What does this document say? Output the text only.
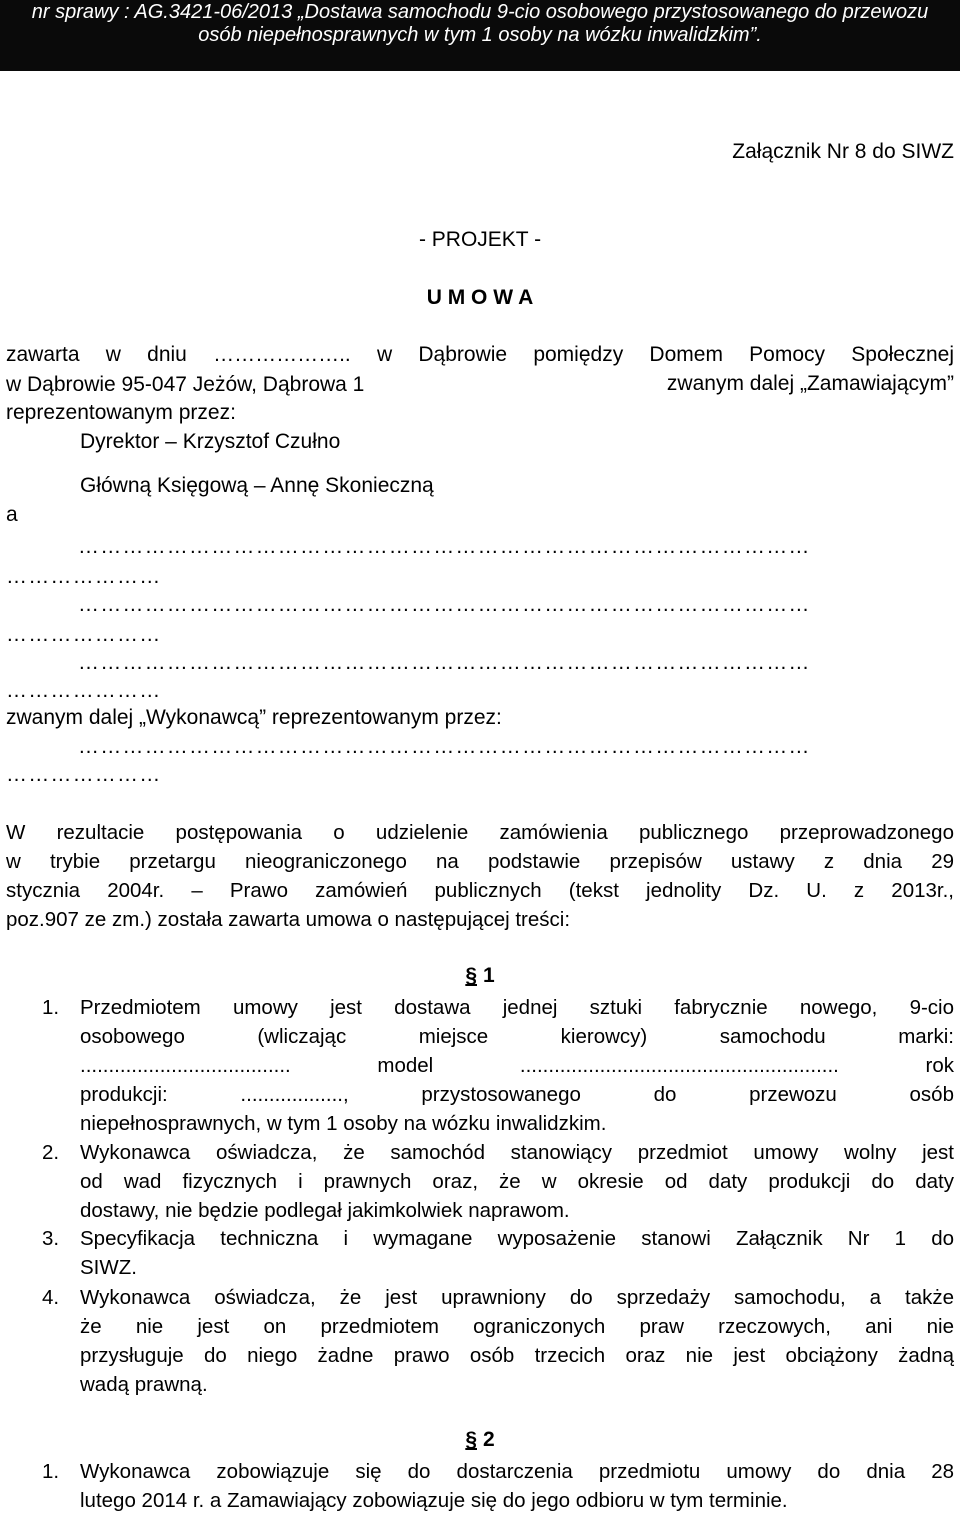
nr sprawy : AG.3421-06/2013 „Dostawa samochodu 9-cio osobowego przystosowanego do przewozu
osób niepełnosprawnych w tym 1 osoby na wózku inwalidzkim”.
Załącznik Nr 8 do SIWZ
- PROJEKT -
U M O W A
zawarta w dniu ……………….. w Dąbrowie pomiędzy Domem Pomocy Społecznej
w Dąbrowie 95-047 Jeżów, Dąbrowa 1	zwanym dalej „Zamawiającym”
reprezentowanym przez:
Dyrektor – Krzysztof Czułno
Główną Księgową – Annę Skonieczną
a
………………………………………………………………………………………
…………………
………………………………………………………………………………………
…………………
………………………………………………………………………………………
…………………
zwanym dalej „Wykonawcą” reprezentowanym przez:
………………………………………………………………………………………
…………………
W rezultacie postępowania o udzielenie zamówienia publicznego przeprowadzonego
w trybie przetargu nieograniczonego na podstawie przepisów ustawy z dnia 29
stycznia 2004r. – Prawo zamówień publicznych (tekst jednolity Dz. U. z 2013r.,
poz.907 ze zm.) została zawarta umowa o następującej treści:
§ 1
1. Przedmiotem umowy jest dostawa jednej sztuki fabrycznie nowego, 9-cio
osobowego (wliczając miejsce kierowcy) samochodu marki:
..................................... model ........................................................ rok
produkcji: .................., przystosowanego do przewozu osób
niepełnosprawnych, w tym 1 osoby na wózku inwalidzkim.
2. Wykonawca oświadcza, że samochód stanowiący przedmiot umowy wolny jest
od wad fizycznych i prawnych oraz, że w okresie od daty produkcji do daty
dostawy, nie będzie podlegał jakimkolwiek naprawom.
3. Specyfikacja techniczna i wymagane wyposażenie stanowi Załącznik Nr 1 do
SIWZ.
4. Wykonawca oświadcza, że jest uprawniony do sprzedaży samochodu, a także
że nie jest on przedmiotem ograniczonych praw rzeczowych, ani nie
przysługuje do niego żadne prawo osób trzecich oraz nie jest obciążony żadną
wadą prawną.
§ 2
1. Wykonawca zobowiązuje się do dostarczenia przedmiotu umowy do dnia 28
lutego 2014 r. a Zamawiający zobowiązuje się do jego odbioru w tym terminie.
